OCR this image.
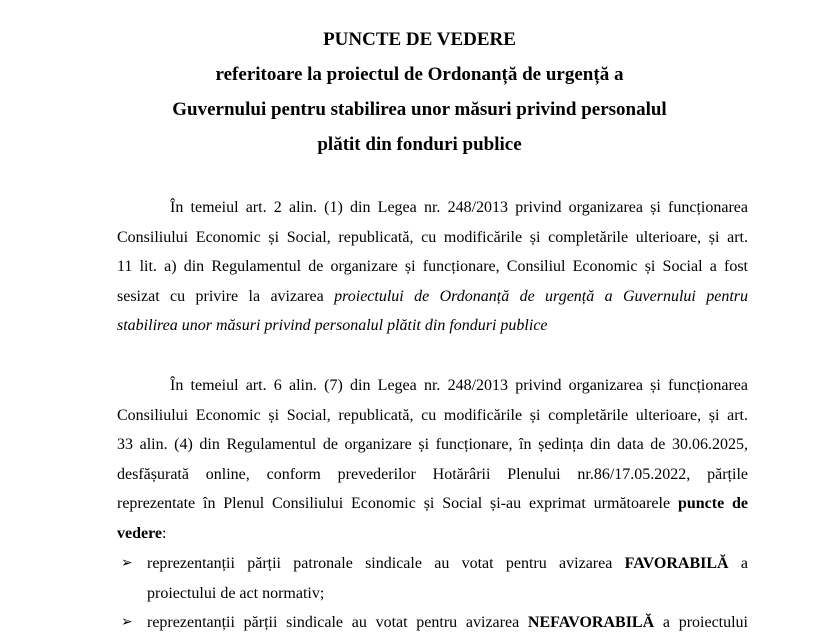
PUNCTE DE VEDERE
referitoare la proiectul de Ordonanță de urgență a
Guvernului pentru stabilirea unor măsuri privind personalul
plătit din fonduri publice
În temeiul art. 2 alin. (1) din Legea nr. 248/2013 privind organizarea și funcționarea
Consiliului Economic și Social, republicată, cu modificările și completările ulterioare, și art.
11 lit. a) din Regulamentul de organizare și funcționare, Consiliul Economic și Social a fost
sesizat cu privire la avizarea proiectului de Ordonanță de urgență a Guvernului pentru
stabilirea unor măsuri privind personalul plătit din fonduri publice
În temeiul art. 6 alin. (7) din Legea nr. 248/2013 privind organizarea și funcționarea
Consiliului Economic și Social, republicată, cu modificările și completările ulterioare, și art.
33 alin. (4) din Regulamentul de organizare și funcționare, în ședința din data de 30.06.2025,
desfășurată online, conform prevederilor Hotărârii Plenului nr.86/17.05.2022, părțile
reprezentate în Plenul Consiliului Economic și Social și-au exprimat următoarele puncte de
vedere:
➢ reprezentanții părții patronale sindicale au votat pentru avizarea FAVORABILĂ a
proiectului de act normativ;
➢ reprezentanții părții sindicale au votat pentru avizarea NEFAVORABILĂ a proiectului
